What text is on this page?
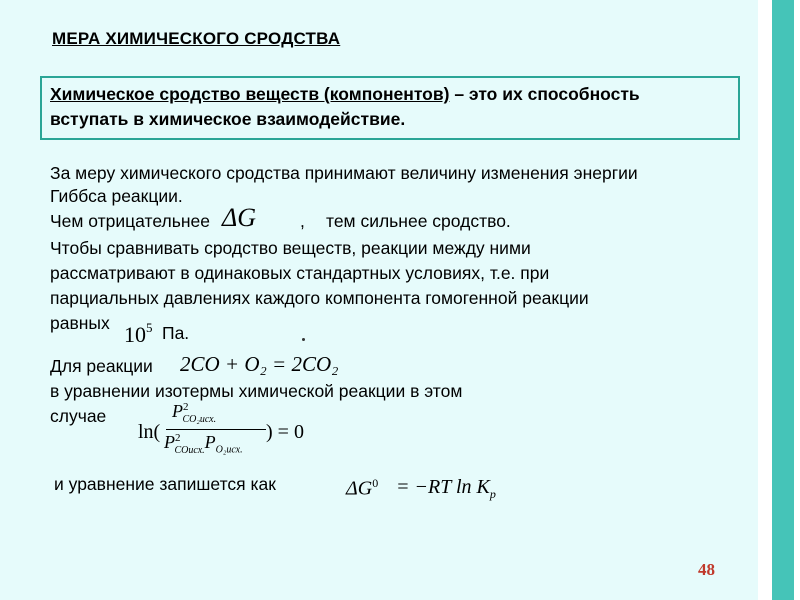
МЕРА ХИМИЧЕСКОГО СРОДСТВА
Химическое сродство веществ (компонентов) – это их способность
вступать в химическое взаимодействие.
За меру химического сродства принимают величину изменения энергии
Гиббса реакции.
Чем отрицательнее ΔG	, тем сильнее сродство.
Чтобы сравнивать сродство веществ, реакции между ними
рассматривают в одинаковых стандартных условиях, т.е. при
парциальных давлениях каждого компонента гомогенной реакции
равных $10^5$ Па.
Для реакции 2CO + O₂ = 2CO₂
в уравнении изотермы химической реакции в этом
случае
ln(
$P^2_{CO_2исх.}$
$P^2_{COисх.}P_{O_2исх.}$
) = 0
и уравнение запишется как	$\Delta G^0 = -RT$ $\ln K_p$
48
